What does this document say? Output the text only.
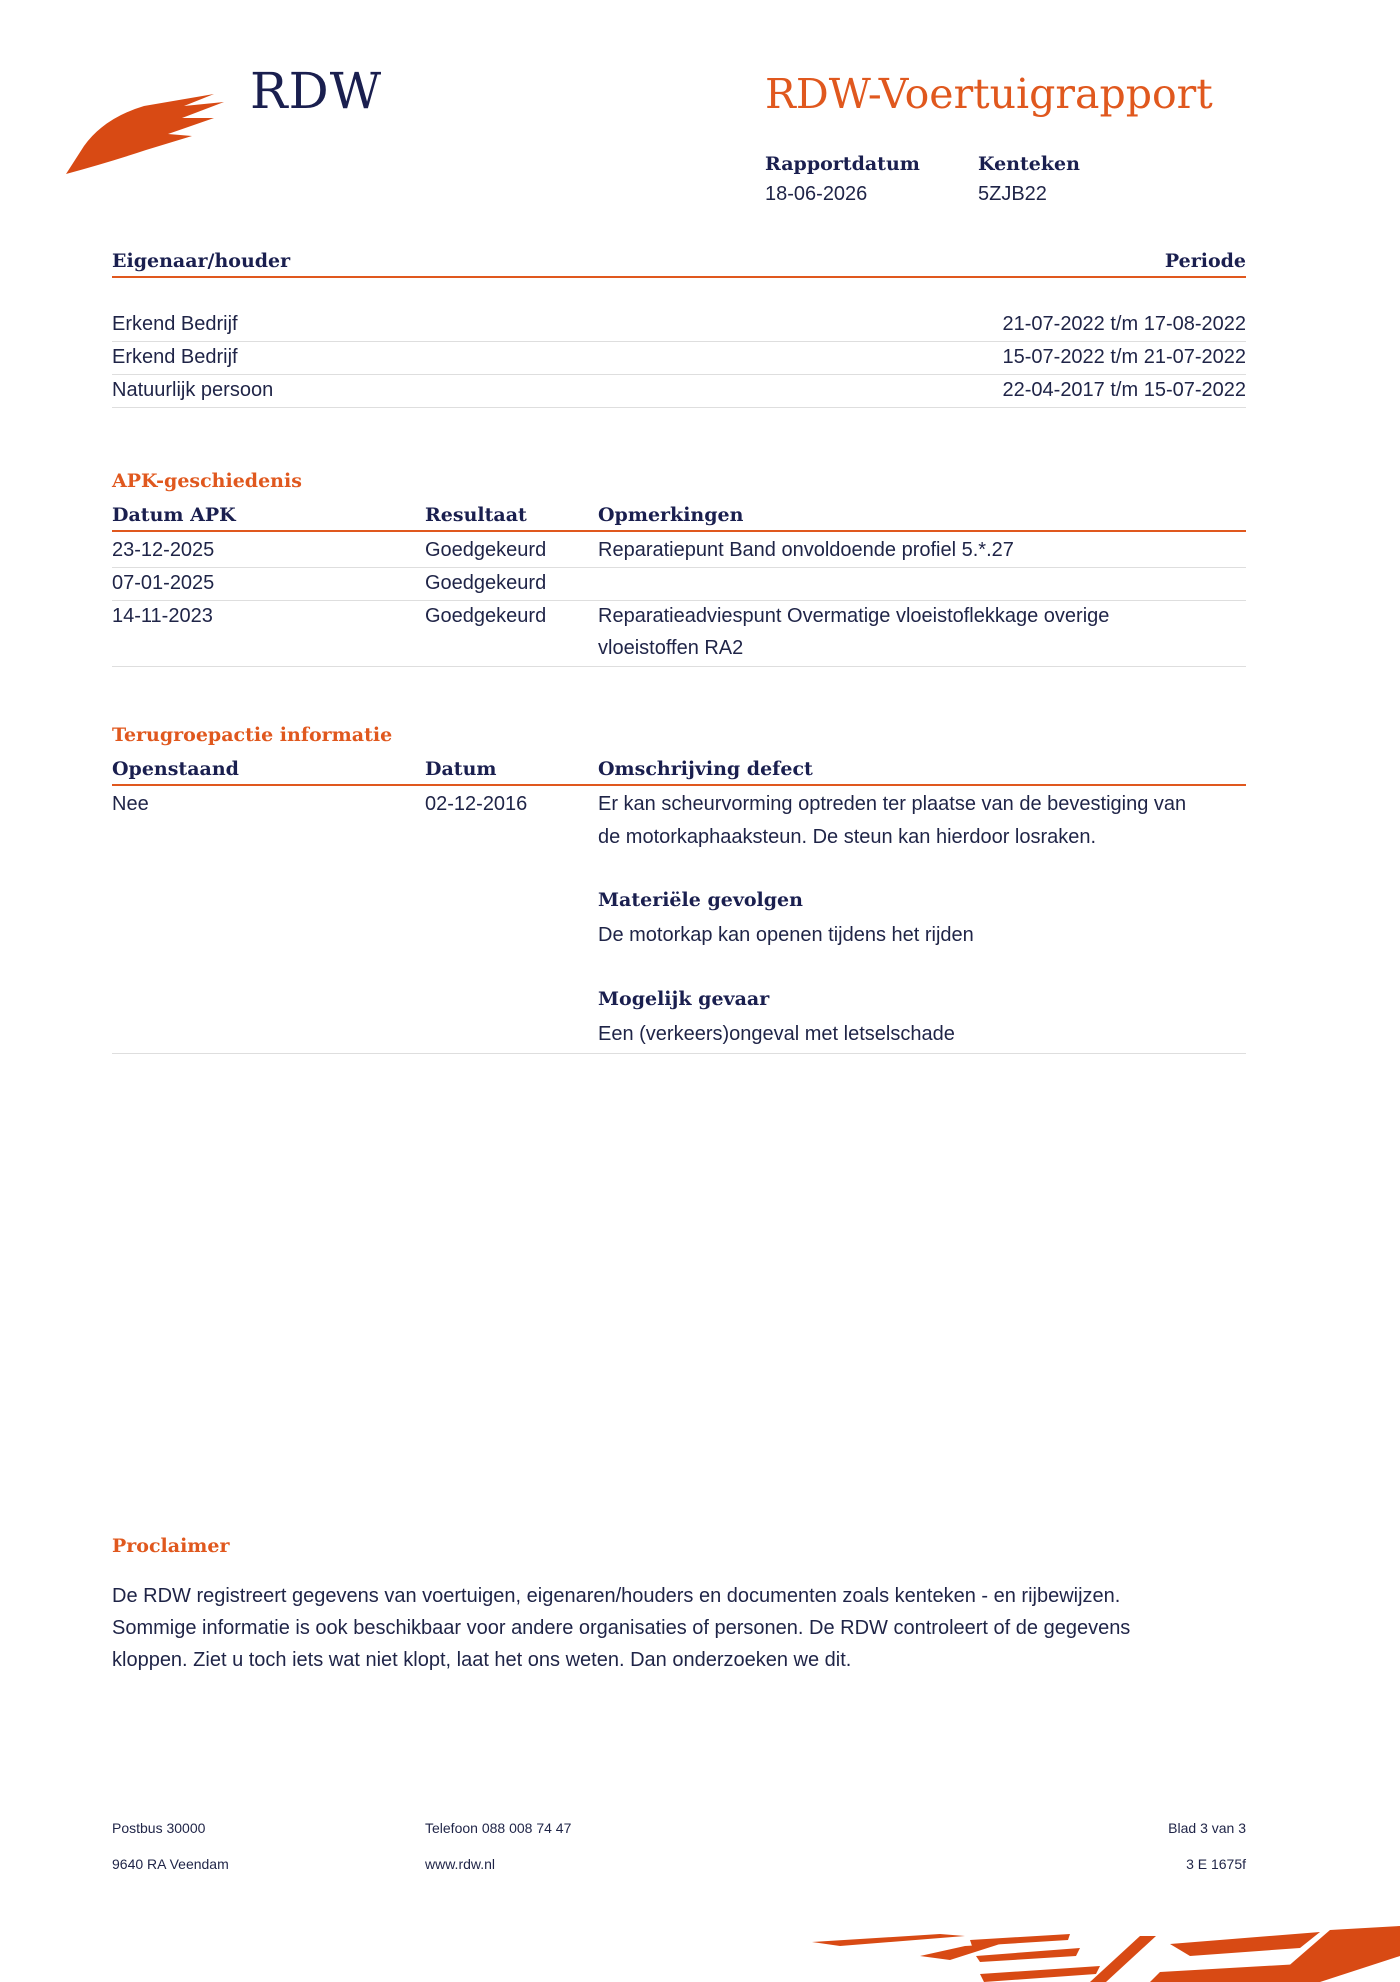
RDW	RDW-Voertuigrapport
Rapportdatum
18-06-2026
Kenteken
5ZJB22
Eigenaar/houder	Periode
Erkend Bedrijf	21-07-2022 t/m 17-08-2022
Erkend Bedrijf	15-07-2022 t/m 21-07-2022
Natuurlijk persoon	22-04-2017 t/m 15-07-2022
APK-geschiedenis
Datum APK	Resultaat	Opmerkingen
23-12-2025	Goedgekeurd	Reparatiepunt Band onvoldoende profiel 5.*.27
07-01-2025	Goedgekeurd
14-11-2023	Goedgekeurd	Reparatieadviespunt Overmatige vloeistoflekkage overige
vloeistoffen RA2
Terugroepactie informatie
Openstaand	Datum	Omschrijving defect
Nee	02-12-2016	Er kan scheurvorming optreden ter plaatse van de bevestiging van
de motorkaphaaksteun. De steun kan hierdoor losraken.
Materiële gevolgen
De motorkap kan openen tijdens het rijden
Mogelijk gevaar
Een (verkeers)ongeval met letselschade
Proclaimer
De RDW registreert gegevens van voertuigen, eigenaren/houders en documenten zoals kenteken - en rijbewijzen.
Sommige informatie is ook beschikbaar voor andere organisaties of personen. De RDW controleert of de gegevens
kloppen. Ziet u toch iets wat niet klopt, laat het ons weten. Dan onderzoeken we dit.
Postbus 30000
9640 RA Veendam
Telefoon 088 008 74 47
www.rdw.nl
Blad 3 van 3
3 E 1675f
